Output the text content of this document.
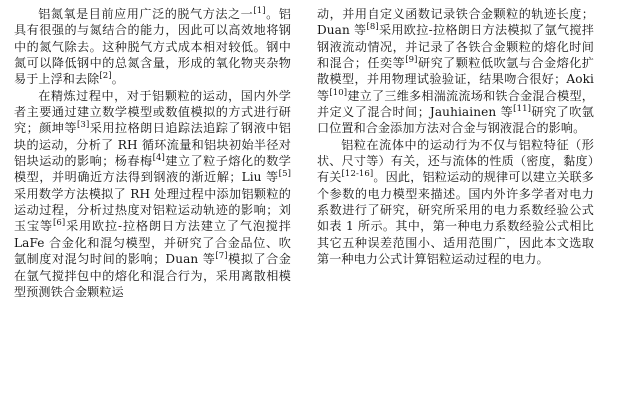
铝氮氧是目前应用广泛的脱气方法之一[1]。铝具有很强的与氮结合的能力，因此可以高效地将钢中的氮气除去。这种脱气方式成本相对较低。钢中氮可以降低钢中的总氮含量，形成的氧化物夹杂物易于上浮和去除[2]。

在精炼过程中，对于铝颗粒的运动，国内外学者主要通过建立数学模型或数值模拟的方式进行研究；颜坤等[3]采用拉格朗日追踪法追踪了钢液中铝块的运动，分析了 RH 循环流量和铝块初始半径对铝块运动的影响；杨春梅[4]建立了粒子熔化的数学模型，并明确近方法得到钢液的渐近解；Liu 等[5]采用数学方法模拟了 RH 处理过程中添加铝颗粒的运动过程，分析过热度对铝粒运动轨迹的影响；刘玉宝等[6]采用欧拉-拉格朗日方法建立了气泡搅拌 LaFe 合金化和混匀模型，并研究了合金品位、吹氩制度对混匀时间的影响；Duan 等[7]模拟了合金在氩气搅拌包中的熔化和混合行为，采用离散相模型预测铁合金颗粒运

动，并用自定义函数记录铁合金颗粒的轨迹长度；Duan 等[8]采用欧拉-拉格朗日方法模拟了氩气搅拌钢液流动情况，并记录了各铁合金颗粒的熔化时间和混合；任奕等[9]研究了颗粒低吹氩与合金熔化扩散模型，并用物理试验验证，结果吻合很好；Aoki 等[10]建立了三维多相湍流流场和铁合金混合模型，并定义了混合时间；Jauhiainen 等[11]研究了吹氩口位置和合金添加方法对合金与钢液混合的影响。

铝粒在流体中的运动行为不仅与铝粒特征（形状、尺寸等）有关，还与流体的性质（密度，黏度）有关[12-16]。因此，铝粒运动的规律可以建立关联多个参数的电力模型来描述。国内外许多学者对电力系数进行了研究，研究所采用的电力系数经验公式如表 1 所示。其中，第一种电力系数经验公式相比其它五种误差范围小、适用范围广，因此本文选取第一种电力公式计算铝粒运动过程的电力。
